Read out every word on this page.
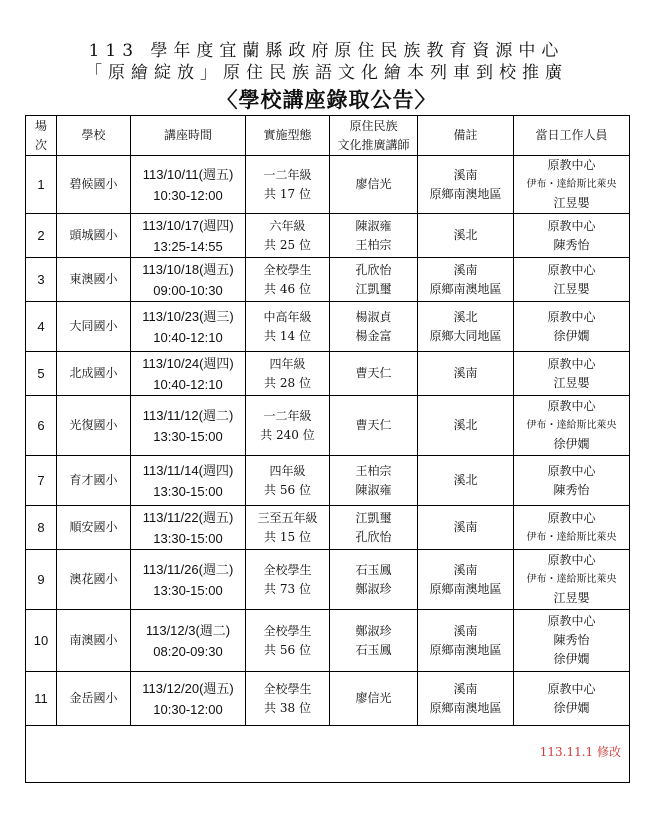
113 學年度宜蘭縣政府原住民族教育資源中心
「原繪綻放」原住民族語文化繪本列車到校推廣
〈學校講座錄取公告〉
場
次	學校	講座時間	實施型態	原住民族
文化推廣講師	備註	當日工作人員

1	碧候國小	113/10/11(週五)
10:30-12:00	一二年級
共 17 位	廖信光	溪南
原鄉南澳地區	原教中心
伊布・達給斯比萊央
江昱嬰

2	頭城國小	113/10/17(週四)
13:25-14:55	六年級
共 25 位	陳淑雍
王柏宗	溪北	原教中心
陳秀怡

3	東澳國小	113/10/18(週五)
09:00-10:30	全校學生
共 46 位	孔欣怡
江凱璽	溪南
原鄉南澳地區	原教中心
江昱嬰

4	大同國小	113/10/23(週三)
10:40-12:10	中高年級
共 14 位	楊淑貞
楊金富	溪北
原鄉大同地區	原教中心
徐伊嫺

5	北成國小	113/10/24(週四)
10:40-12:10	四年級
共 28 位	曹天仁	溪南	原教中心
江昱嬰

6	光復國小	113/11/12(週二)
13:30-15:00	一二年級
共 240 位	曹天仁	溪北	原教中心
伊布・達給斯比萊央
徐伊嫺

7	育才國小	113/11/14(週四)
13:30-15:00	四年級
共 56 位	王柏宗
陳淑雍	溪北	原教中心
陳秀怡

8	順安國小	113/11/22(週五)
13:30-15:00	三至五年級
共 15 位	江凱璽
孔欣怡	溪南	原教中心
伊布・達給斯比萊央

9	澳花國小	113/11/26(週二)
13:30-15:00	全校學生
共 73 位	石玉鳳
鄭淑珍	溪南
原鄉南澳地區	原教中心
伊布・達給斯比萊央
江昱嬰

10	南澳國小	113/12/3(週二)
08:20-09:30	全校學生
共 56 位	鄭淑珍
石玉鳳	溪南
原鄉南澳地區	原教中心
陳秀怡
徐伊嫺

11	金岳國小	113/12/20(週五)
10:30-12:00	全校學生
共 38 位	廖信光	溪南
原鄉南澳地區	原教中心
徐伊嫺

113.11.1 修改						
